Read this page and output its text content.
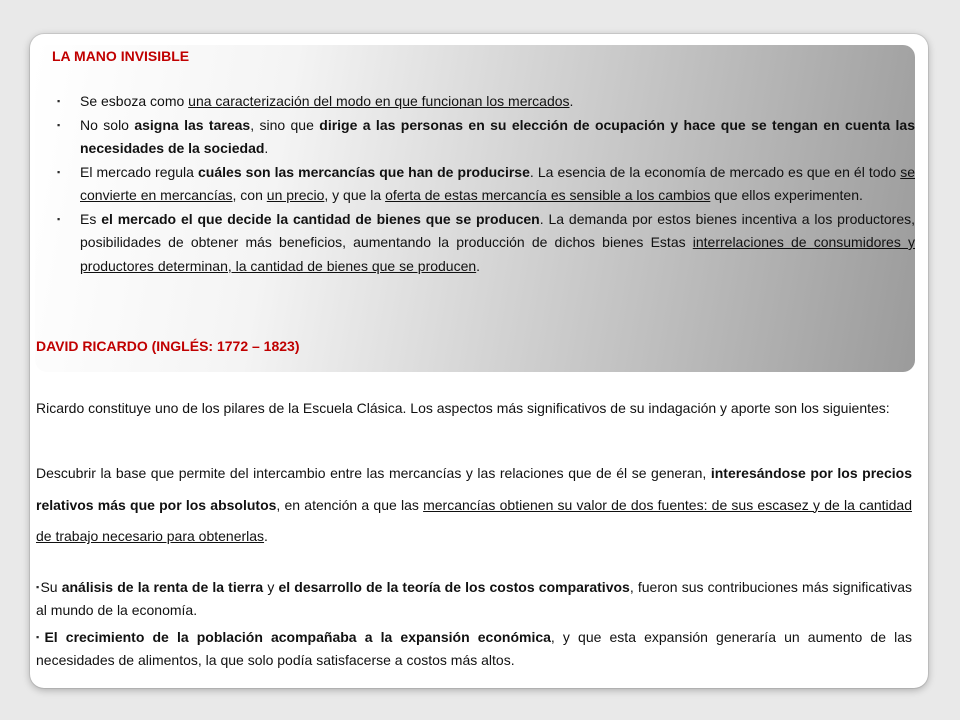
LA MANO INVISIBLE
▪ Se esboza como una caracterización del modo en que funcionan los mercados.
▪ No solo asigna las tareas, sino que dirige a las personas en su elección de ocupación y hace que se tengan en cuenta las necesidades de la sociedad.
▪ El mercado regula cuáles son las mercancías que han de producirse. La esencia de la economía de mercado es que en él todo se convierte en mercancías, con un precio, y que la oferta de estas mercancía es sensible a los cambios que ellos experimenten.
▪ Es el mercado el que decide la cantidad de bienes que se producen. La demanda por estos bienes incentiva a los productores, posibilidades de obtener más beneficios, aumentando la producción de dichos bienes Estas interrelaciones de consumidores y productores determinan, la cantidad de bienes que se producen.
DAVID RICARDO (INGLÉS: 1772 – 1823)

Ricardo constituye uno de los pilares de la Escuela Clásica. Los aspectos más significativos de su indagación y aporte son los siguientes:

Descubrir la base que permite del intercambio entre las mercancías y las relaciones que de él se generan, interesándose por los precios relativos más que por los absolutos, en atención a que las mercancías obtienen su valor de dos fuentes: de sus escasez y de la cantidad de trabajo necesario para obtenerlas.

▪Su análisis de la renta de la tierra y el desarrollo de la teoría de los costos comparativos, fueron sus contribuciones más significativas al mundo de la economía.

▪El crecimiento de la población acompañaba a la expansión económica, y que esta expansión generaría un aumento de las necesidades de alimentos, la que solo podía satisfacerse a costos más altos.
